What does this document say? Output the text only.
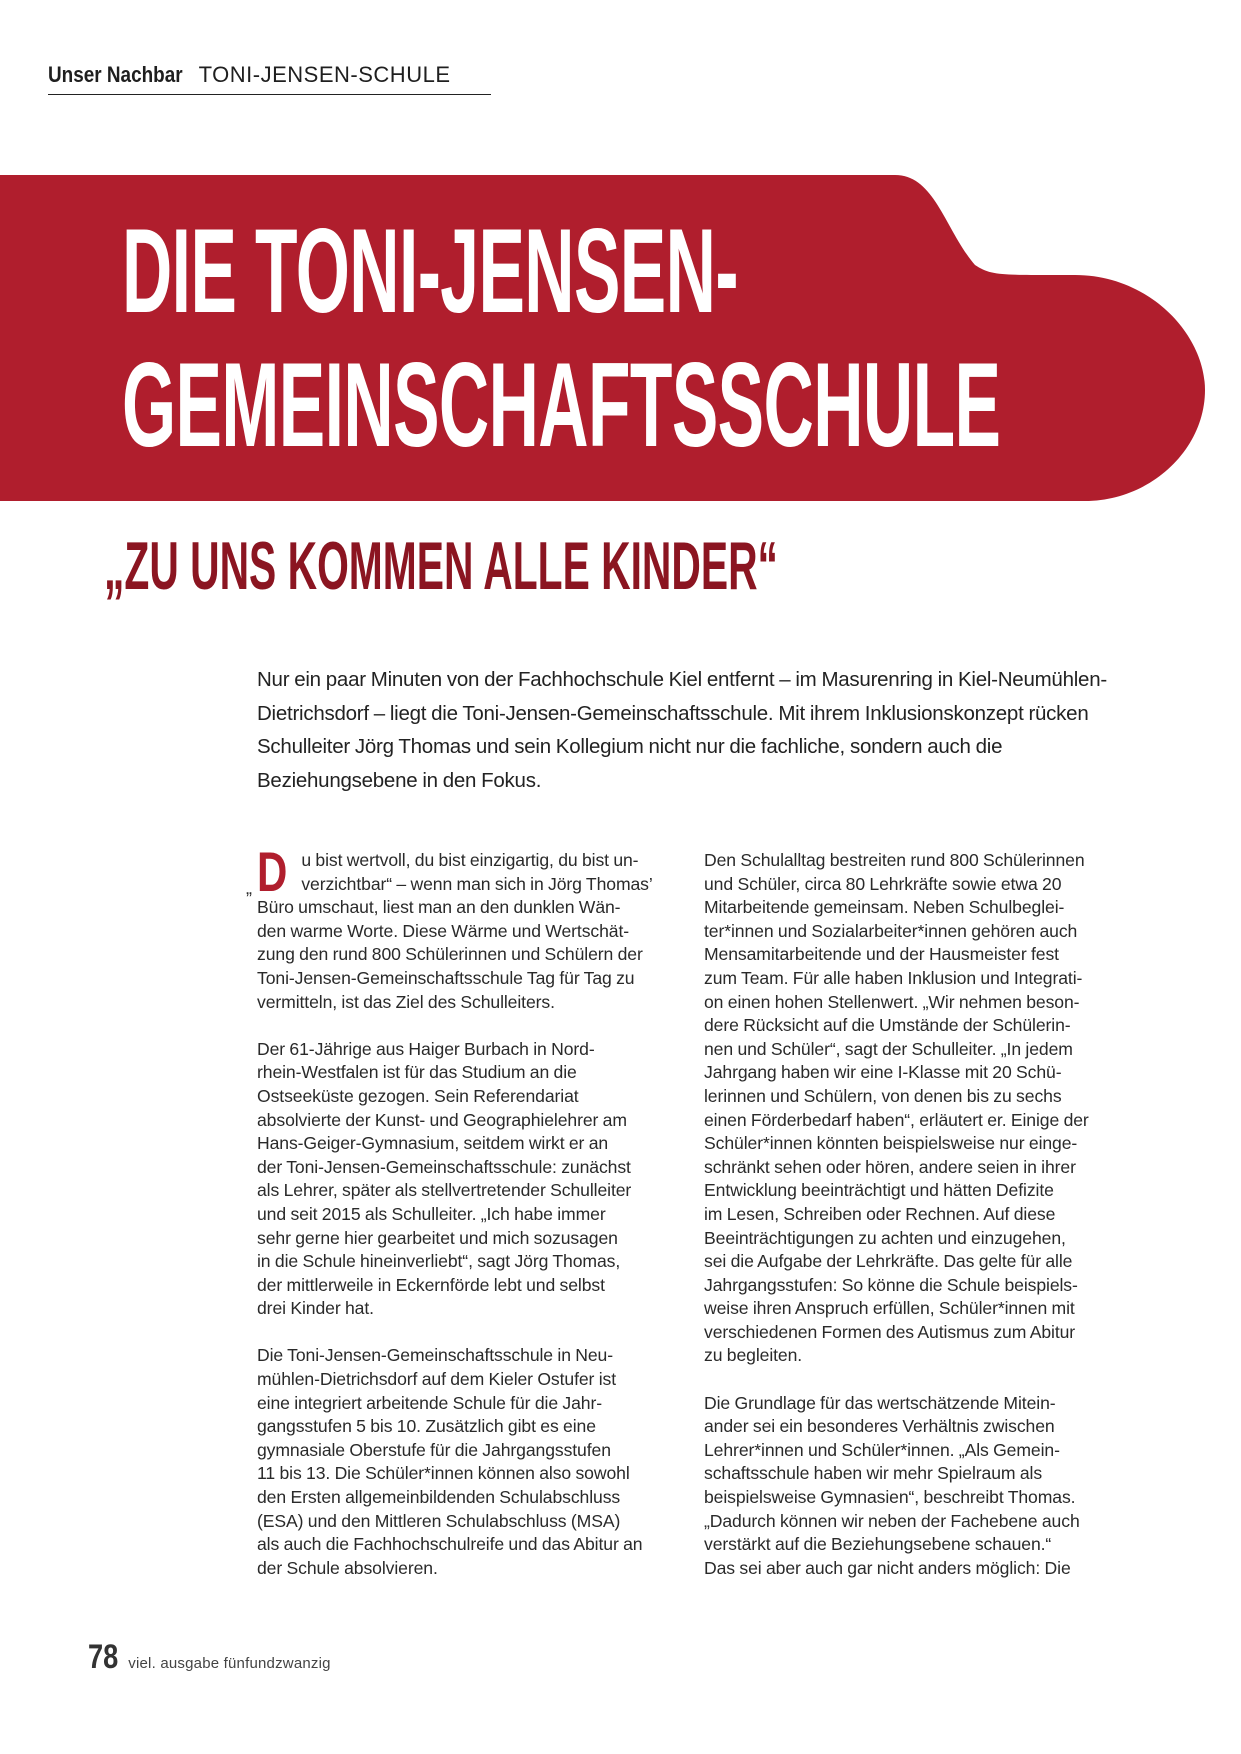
Unser Nachbar TONI-JENSEN-SCHULE
DIE TONI-JENSEN-
GEMEINSCHAFTSSCHULE
„ZU UNS KOMMEN ALLE KINDER“
Nur ein paar Minuten von der Fachhochschule Kiel entfernt – im Masurenring in Kiel-Neumühlen-Dietrichsdorf – liegt die Toni-Jensen-Gemeinschaftsschule. Mit ihrem Inklusionskonzept rücken Schulleiter Jörg Thomas und sein Kollegium nicht nur die fachliche, sondern auch die Beziehungsebene in den Fokus.
„ Du bist wertvoll, du bist einzigartig, du bist un-
verzichtbar“ – wenn man sich in Jörg Thomas’
Büro umschaut, liest man an den dunklen Wän-
den warme Worte. Diese Wärme und Wertschät-
zung den rund 800 Schülerinnen und Schülern der
Toni-Jensen-Gemeinschaftsschule Tag für Tag zu
vermitteln, ist das Ziel des Schulleiters.

Der 61-Jährige aus Haiger Burbach in Nord-
rhein-Westfalen ist für das Studium an die
Ostseeküste gezogen. Sein Referendariat
absolvierte der Kunst- und Geographielehrer am
Hans-Geiger-Gymnasium, seitdem wirkt er an
der Toni-Jensen-Gemeinschaftsschule: zunächst
als Lehrer, später als stellvertretender Schulleiter
und seit 2015 als Schulleiter. „Ich habe immer
sehr gerne hier gearbeitet und mich sozusagen
in die Schule hineinverliebt“, sagt Jörg Thomas,
der mittlerweile in Eckernförde lebt und selbst
drei Kinder hat.

Die Toni-Jensen-Gemeinschaftsschule in Neu-
mühlen-Dietrichsdorf auf dem Kieler Ostufer ist
eine integriert arbeitende Schule für die Jahr-
gangsstufen 5 bis 10. Zusätzlich gibt es eine
gymnasiale Oberstufe für die Jahrgangsstufen
11 bis 13. Die Schüler*innen können also sowohl
den Ersten allgemeinbildenden Schulabschluss
(ESA) und den Mittleren Schulabschluss (MSA)
als auch die Fachhochschulreife und das Abitur an
der Schule absolvieren.

Den Schulalltag bestreiten rund 800 Schülerinnen
und Schüler, circa 80 Lehrkräfte sowie etwa 20
Mitarbeitende gemeinsam. Neben Schulbeglei-
ter*innen und Sozialarbeiter*innen gehören auch
Mensamitarbeitende und der Hausmeister fest
zum Team. Für alle haben Inklusion und Integrati-
on einen hohen Stellenwert. „Wir nehmen beson-
dere Rücksicht auf die Umstände der Schülerin-
nen und Schüler“, sagt der Schulleiter. „In jedem
Jahrgang haben wir eine I-Klasse mit 20 Schü-
lerinnen und Schülern, von denen bis zu sechs
einen Förderbedarf haben“, erläutert er. Einige der
Schüler*innen könnten beispielsweise nur einge-
schränkt sehen oder hören, andere seien in ihrer
Entwicklung beeinträchtigt und hätten Defizite
im Lesen, Schreiben oder Rechnen. Auf diese
Beeinträchtigungen zu achten und einzugehen,
sei die Aufgabe der Lehrkräfte. Das gelte für alle
Jahrgangsstufen: So könne die Schule beispiels-
weise ihren Anspruch erfüllen, Schüler*innen mit
verschiedenen Formen des Autismus zum Abitur
zu begleiten.

Die Grundlage für das wertschätzende Mitein-
ander sei ein besonderes Verhältnis zwischen
Lehrer*innen und Schüler*innen. „Als Gemein-
schaftsschule haben wir mehr Spielraum als
beispielsweise Gymnasien“, beschreibt Thomas.
„Dadurch können wir neben der Fachebene auch
verstärkt auf die Beziehungsebene schauen.“
Das sei aber auch gar nicht anders möglich: Die

78 viel. ausgabe fünfundzwanzig
